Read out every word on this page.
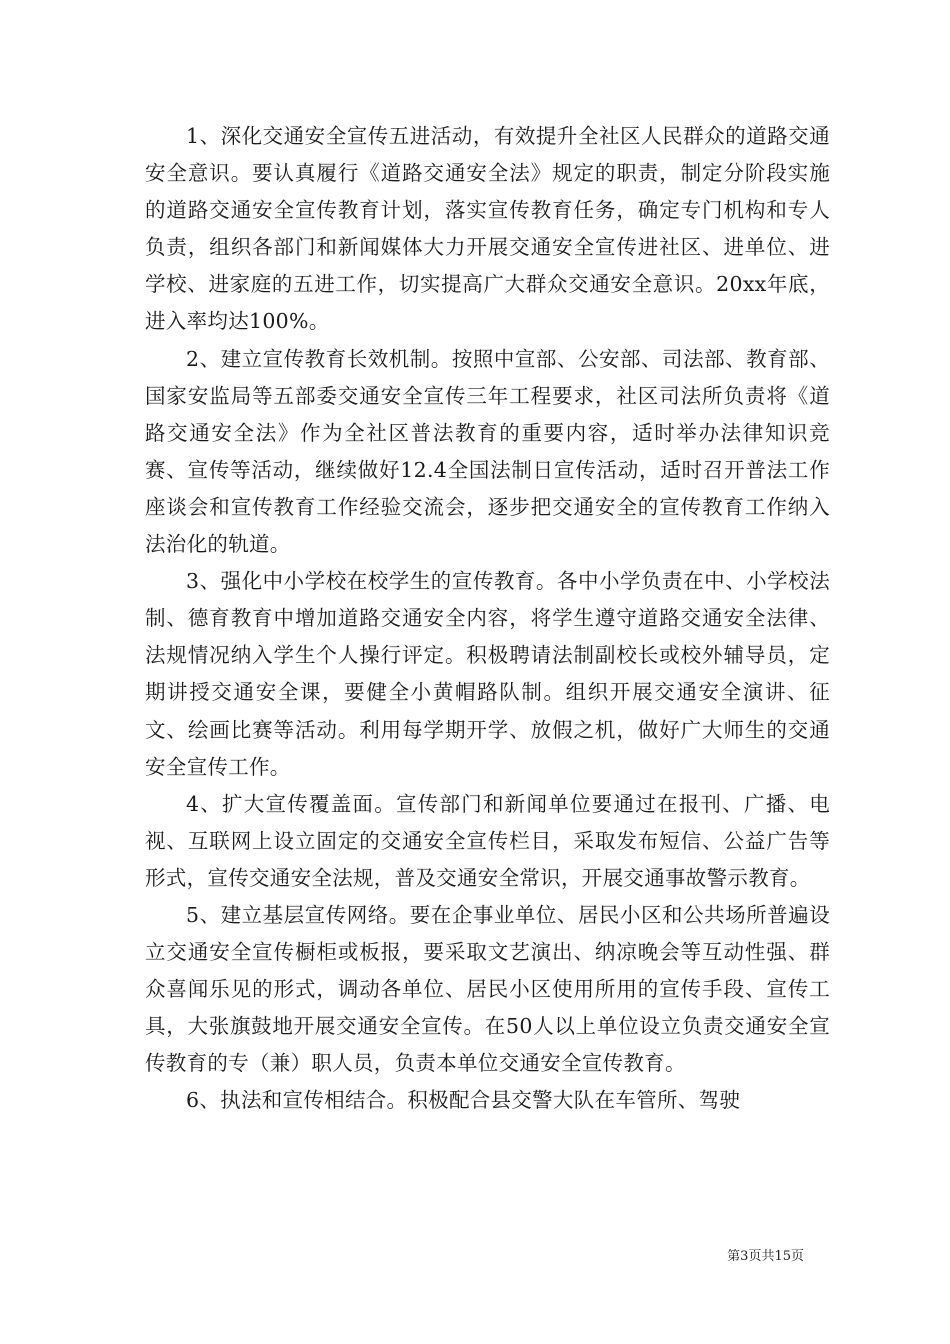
1、深化交通安全宣传五进活动，有效提升全社区人民群众的道路交通安全意识。要认真履行《道路交通安全法》规定的职责，制定分阶段实施的道路交通安全宣传教育计划，落实宣传教育任务，确定专门机构和专人负责，组织各部门和新闻媒体大力开展交通安全宣传进社区、进单位、进学校、进家庭的五进工作，切实提高广大群众交通安全意识。20xx年底，进入率均达100%。

2、建立宣传教育长效机制。按照中宣部、公安部、司法部、教育部、国家安监局等五部委交通安全宣传三年工程要求，社区司法所负责将《道路交通安全法》作为全社区普法教育的重要内容，适时举办法律知识竞赛、宣传等活动，继续做好12.4全国法制日宣传活动，适时召开普法工作座谈会和宣传教育工作经验交流会，逐步把交通安全的宣传教育工作纳入法治化的轨道。

3、强化中小学校在校学生的宣传教育。各中小学负责在中、小学校法制、德育教育中增加道路交通安全内容，将学生遵守道路交通安全法律、法规情况纳入学生个人操行评定。积极聘请法制副校长或校外辅导员，定期讲授交通安全课，要健全小黄帽路队制。组织开展交通安全演讲、征文、绘画比赛等活动。利用每学期开学、放假之机，做好广大师生的交通安全宣传工作。

4、扩大宣传覆盖面。宣传部门和新闻单位要通过在报刊、广播、电视、互联网上设立固定的交通安全宣传栏目，采取发布短信、公益广告等形式，宣传交通安全法规，普及交通安全常识，开展交通事故警示教育。

5、建立基层宣传网络。要在企事业单位、居民小区和公共场所普遍设立交通安全宣传橱柜或板报，要采取文艺演出、纳凉晚会等互动性强、群众喜闻乐见的形式，调动各单位、居民小区使用所用的宣传手段、宣传工具，大张旗鼓地开展交通安全宣传。在50人以上单位设立负责交通安全宣传教育的专（兼）职人员，负责本单位交通安全宣传教育。

6、执法和宣传相结合。积极配合县交警大队在车管所、驾驶

第3页共15页
